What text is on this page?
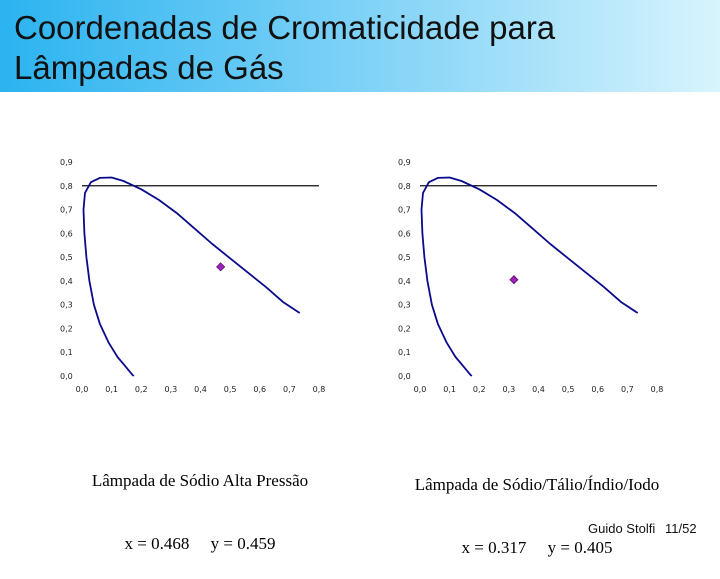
Coordenadas de Cromaticidade para Lâmpadas de Gás
0,0
0,1
0,2
0,3
0,4
0,5
0,6
0,7
0,8
0,9
0,0 0,1 0,2 0,3 0,4 0,5 0,6 0,7 0,8
0,0
0,1
0,2
0,3
0,4
0,5
0,6
0,7
0,8
0,9
0,0 0,1 0,2 0,3 0,4 0,5 0,6 0,7 0,8

Lâmpada de Sódio Alta Pressão

x = 0.468     y = 0.459

Lâmpada de Sódio/Tálio/Índio/Iodo

x = 0.317     y = 0.405

Guido Stolfi 11/52
